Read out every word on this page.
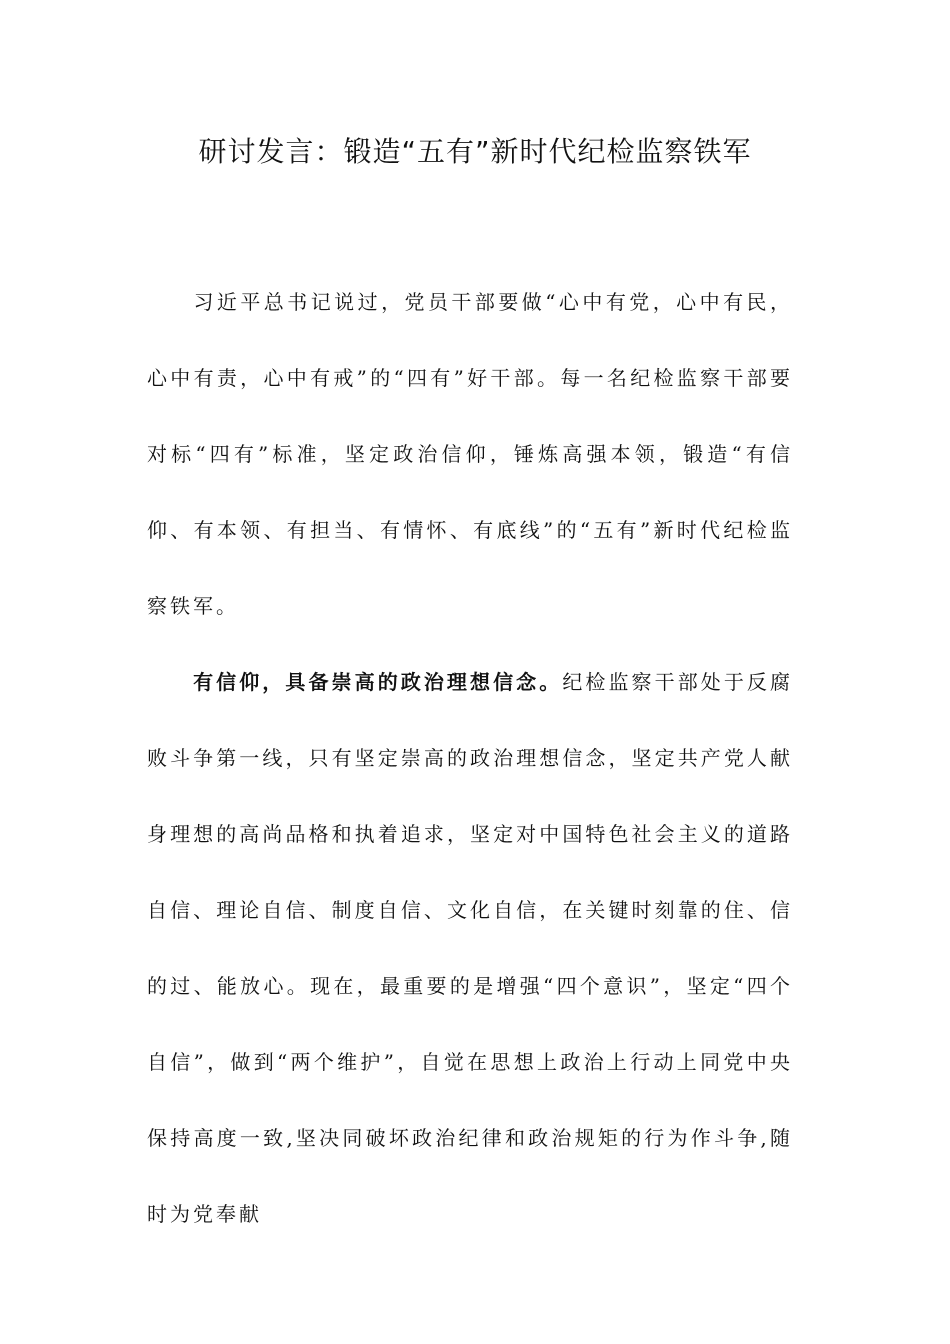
研讨发言：锻造“五有”新时代纪检监察铁军

习近平总书记说过，党员干部要做“心中有党，心中有民，心中有责，心中有戒”的“四有”好干部。每一名纪检监察干部要对标“四有”标准，坚定政治信仰，锤炼高强本领，锻造“有信仰、有本领、有担当、有情怀、有底线”的“五有”新时代纪检监察铁军。

有信仰，具备崇高的政治理想信念。纪检监察干部处于反腐败斗争第一线，只有坚定崇高的政治理想信念，坚定共产党人献身理想的高尚品格和执着追求，坚定对中国特色社会主义的道路自信、理论自信、制度自信、文化自信，在关键时刻靠的住、信的过、能放心。现在，最重要的是增强“四个意识”，坚定“四个自信”，做到“两个维护”，自觉在思想上政治上行动上同党中央保持高度一致,坚决同破坏政治纪律和政治规矩的行为作斗争,随时为党奉献
